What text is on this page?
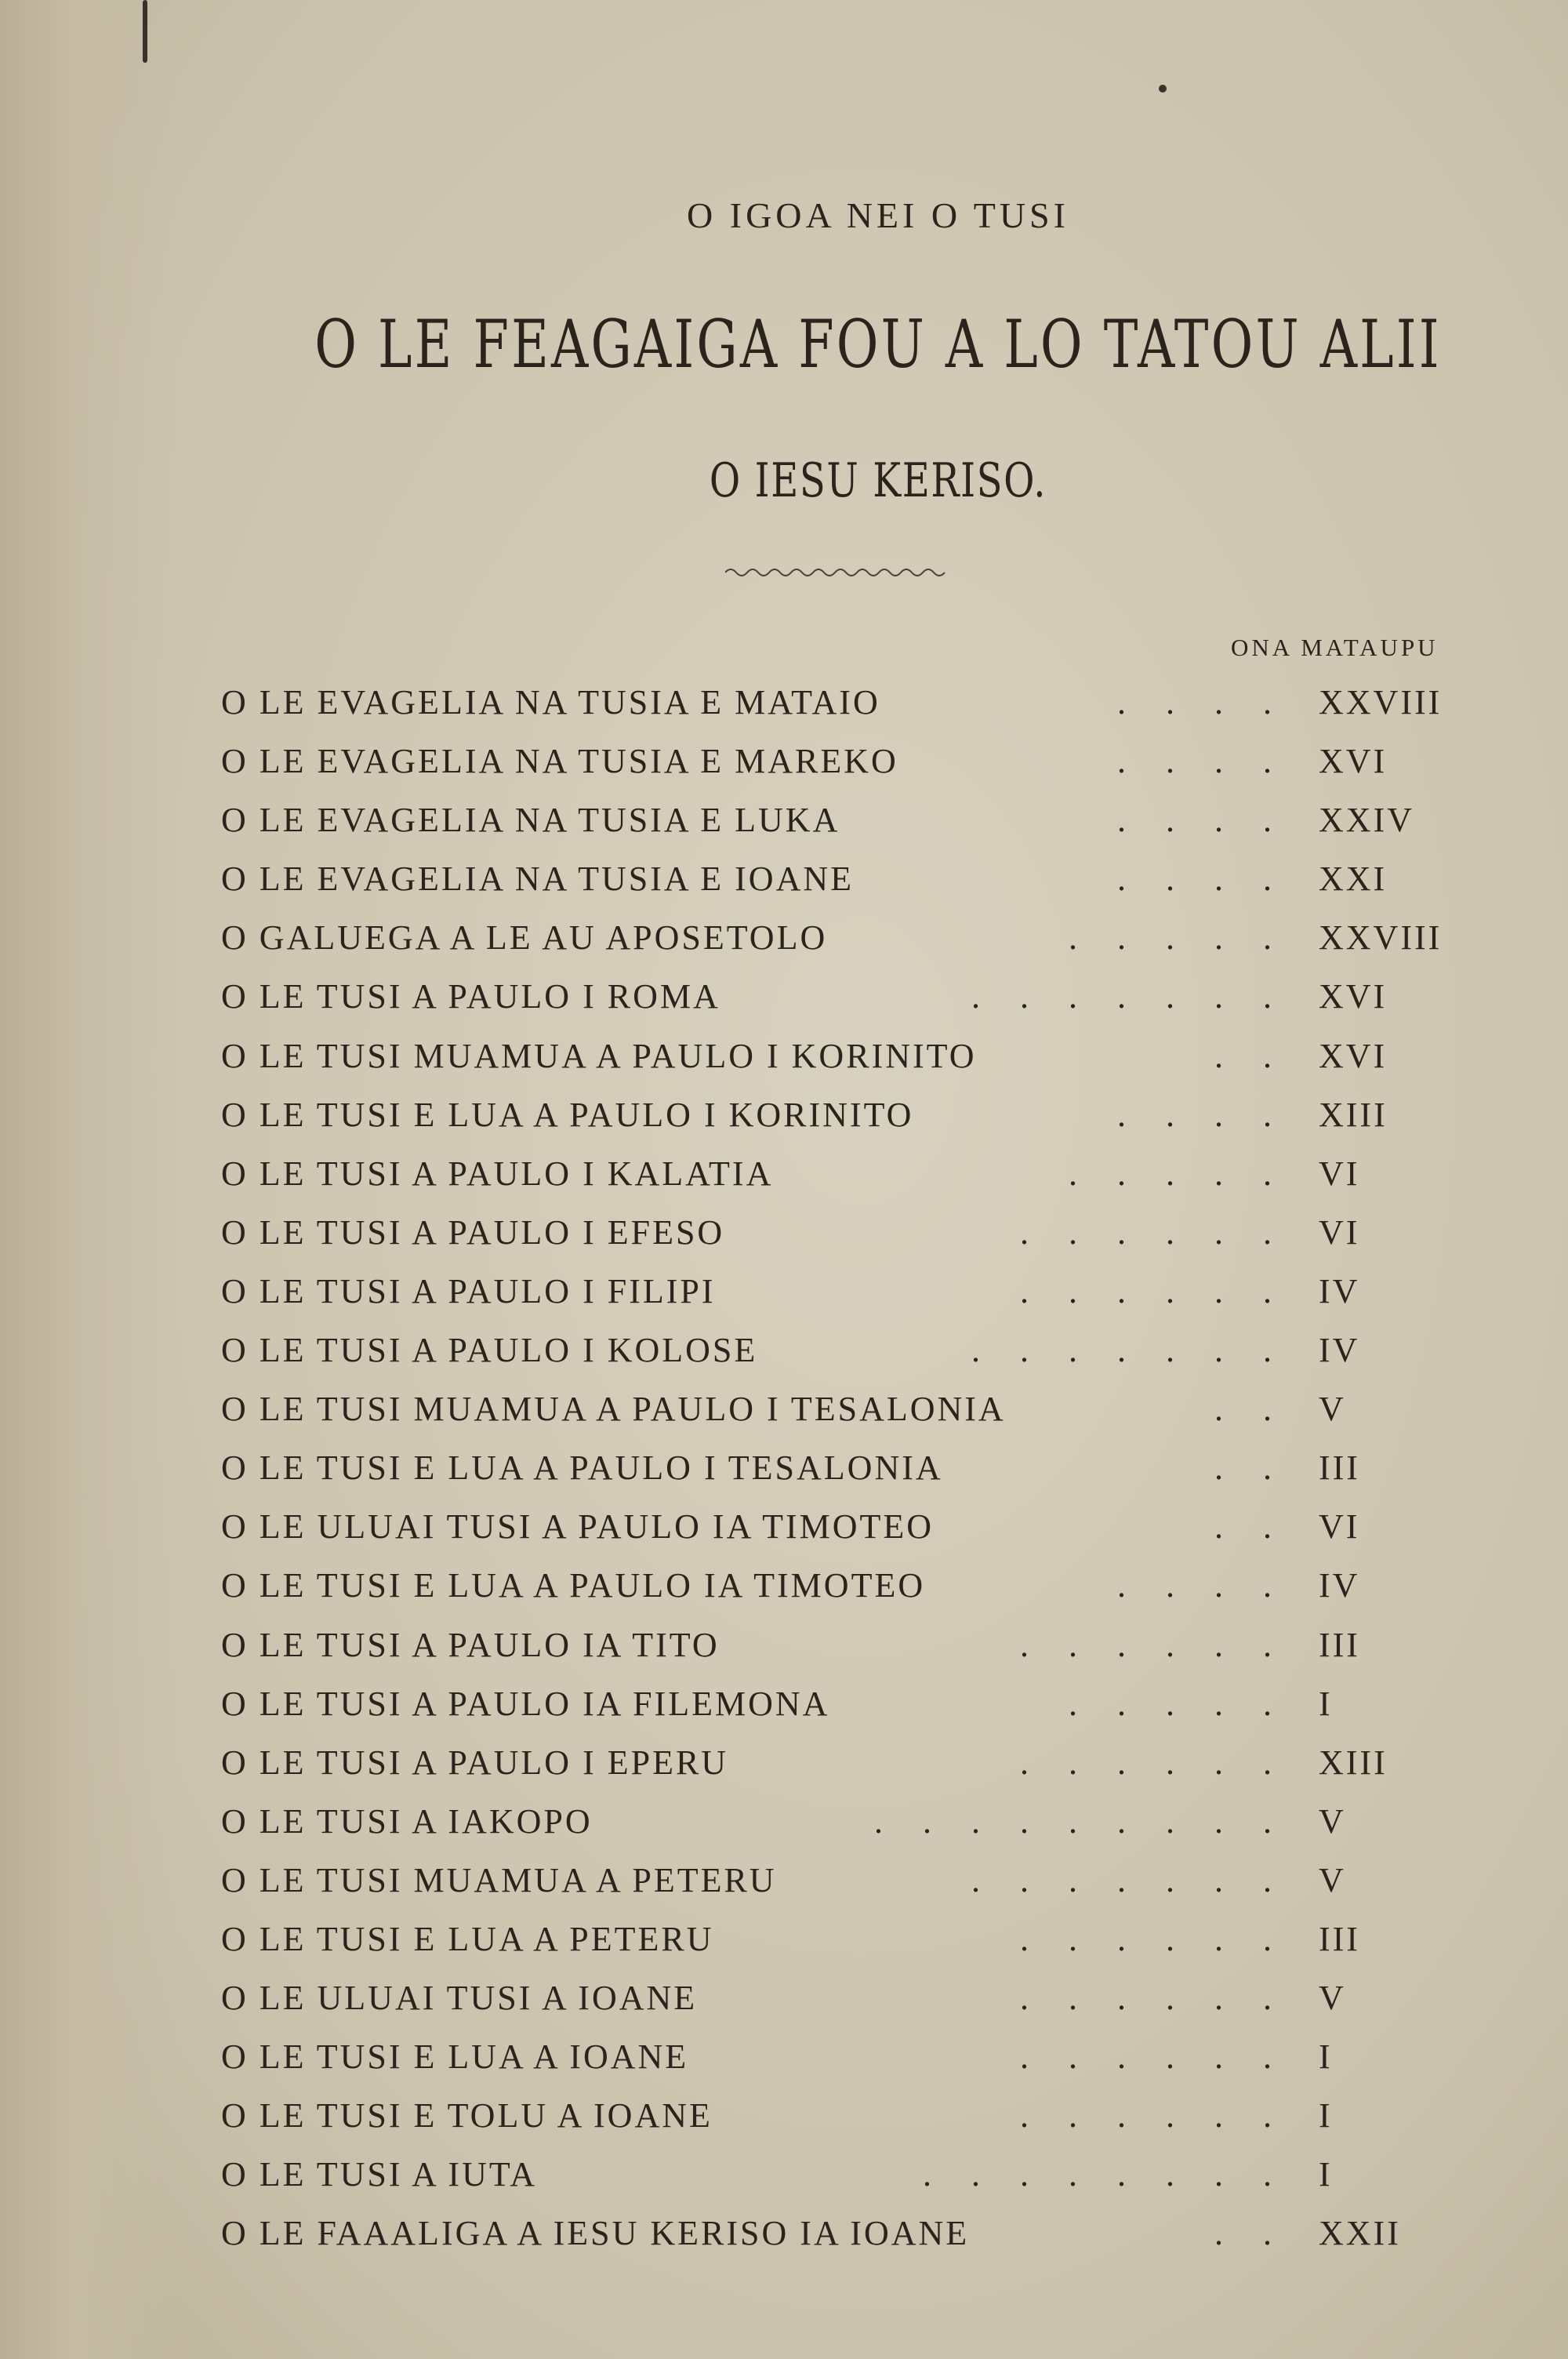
O IGOA NEI O TUSI
O LE FEAGAIGA FOU A LO TATOU ALII
O IESU KERISO.
ONA MATAUPU
O LE EVAGELIA NA TUSIA E MATAIO	. . . . XXVIII
O LE EVAGELIA NA TUSIA E MAREKO	. . . . XVI
O LE EVAGELIA NA TUSIA E LUKA	. . . . XXIV
O LE EVAGELIA NA TUSIA E IOANE	. . . . XXI
O GALUEGA A LE AU APOSETOLO	. . . . . XXVIII
O LE TUSI A PAULO I ROMA	. . . . . . . XVI
O LE TUSI MUAMUA A PAULO I KORINITO	. . XVI
O LE TUSI E LUA A PAULO I KORINITO	. . . . XIII
O LE TUSI A PAULO I KALATIA	. . . . . VI
O LE TUSI A PAULO I EFESO	. . . . . . VI
O LE TUSI A PAULO I FILIPI	. . . . . . IV
O LE TUSI A PAULO I KOLOSE	. . . . . . . IV
O LE TUSI MUAMUA A PAULO I TESALONIA	. . V
O LE TUSI E LUA A PAULO I TESALONIA	. . III
O LE ULUAI TUSI A PAULO IA TIMOTEO	. . VI
O LE TUSI E LUA A PAULO IA TIMOTEO	. . . . IV
O LE TUSI A PAULO IA TITO	. . . . . . III
O LE TUSI A PAULO IA FILEMONA	. . . . . I
O LE TUSI A PAULO I EPERU	. . . . . . XIII
O LE TUSI A IAKOPO	. . . . . . . . . V
O LE TUSI MUAMUA A PETERU	. . . . . . . V
O LE TUSI E LUA A PETERU	. . . . . . III
O LE ULUAI TUSI A IOANE	. . . . . . V
O LE TUSI E LUA A IOANE	. . . . . . I
O LE TUSI E TOLU A IOANE	. . . . . . I
O LE TUSI A IUTA	. . . . . . . . I
O LE FAAALIGA A IESU KERISO IA IOANE	. . XXII
